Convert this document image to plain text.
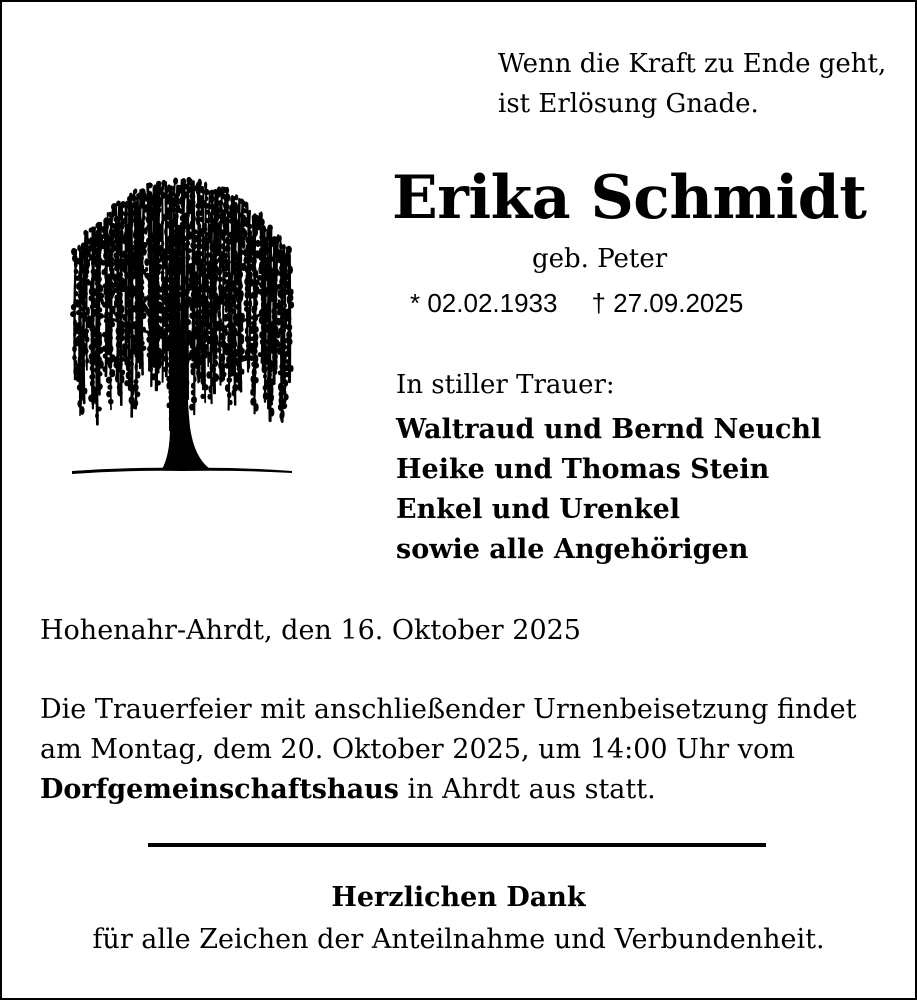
Wenn die Kraft zu Ende geht,
ist Erlösung Gnade.
Erika Schmidt
geb. Peter
* 02.02.1933 † 27.09.2025
In stiller Trauer:
Waltraud und Bernd Neuchl
Heike und Thomas Stein
Enkel und Urenkel
sowie alle Angehörigen
Hohenahr-Ahrdt, den 16. Oktober 2025
Die Trauerfeier mit anschließender Urnenbeisetzung findet
am Montag, dem 20. Oktober 2025, um 14:00 Uhr vom
Dorfgemeinschaftshaus in Ahrdt aus statt.
Herzlichen Dank
für alle Zeichen der Anteilnahme und Verbundenheit.
